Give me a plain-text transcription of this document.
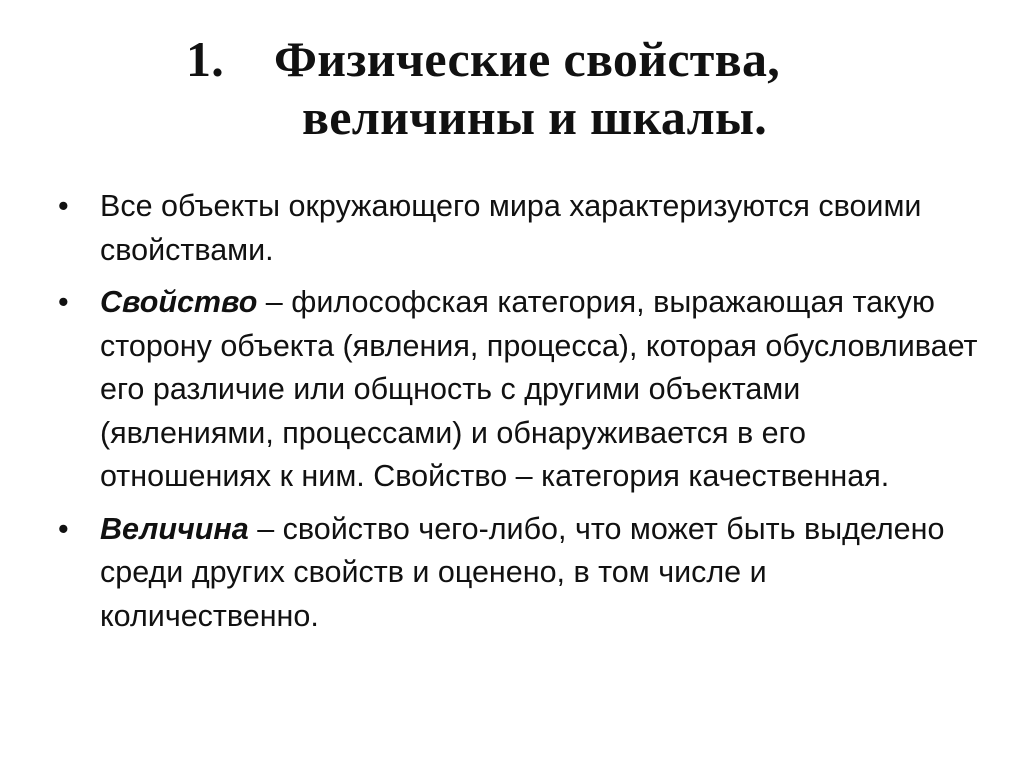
1. Физические свойства,
величины и шкалы.
•	Все объекты окружающего мира характеризуются своими свойствами.
•	Свойство – философская категория, выражающая такую сторону объекта (явления, процесса), которая обусловливает его различие или общность с другими объектами (явлениями, процессами) и обнаруживается в его отношениях к ним. Свойство – категория качественная.
•	Величина – свойство чего-либо, что может быть выделено среди других свойств и оценено, в том числе и количественно.
